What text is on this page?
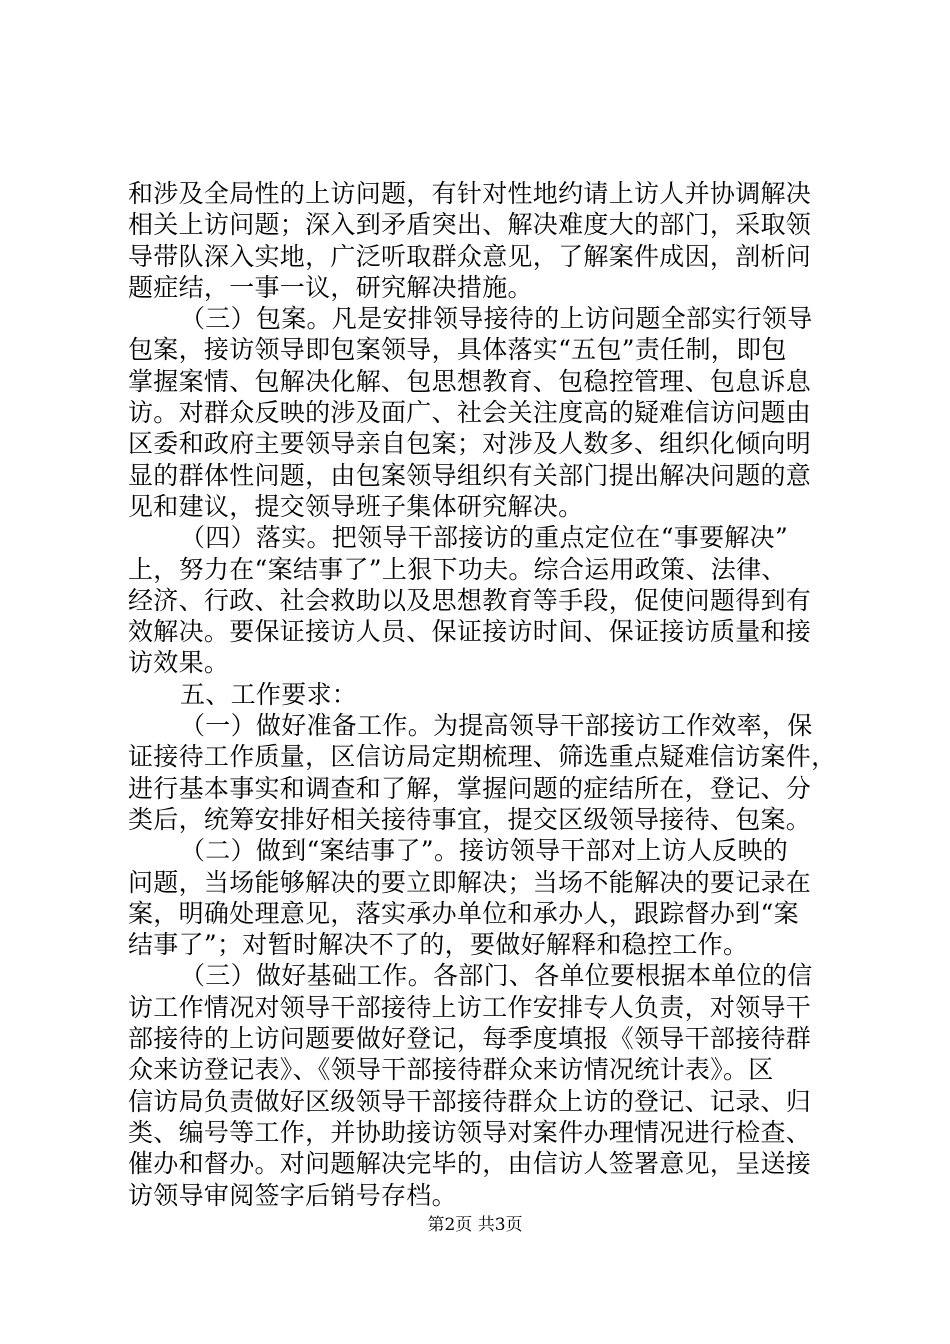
和涉及全局性的上访问题，有针对性地约请上访人并协调解决
相关上访问题；深入到矛盾突出、解决难度大的部门，采取领
导带队深入实地，广泛听取群众意见，了解案件成因，剖析问
题症结，一事一议，研究解决措施。
（三）包案。凡是安排领导接待的上访问题全部实行领导
包案，接访领导即包案领导，具体落实“五包”责任制，即包
掌握案情、包解决化解、包思想教育、包稳控管理、包息诉息
访。对群众反映的涉及面广、社会关注度高的疑难信访问题由
区委和政府主要领导亲自包案；对涉及人数多、组织化倾向明
显的群体性问题，由包案领导组织有关部门提出解决问题的意
见和建议，提交领导班子集体研究解决。
（四）落实。把领导干部接访的重点定位在“事要解决”
上，努力在“案结事了”上狠下功夫。综合运用政策、法律、
经济、行政、社会救助以及思想教育等手段，促使问题得到有
效解决。要保证接访人员、保证接访时间、保证接访质量和接
访效果。
五、工作要求：
（一）做好准备工作。为提高领导干部接访工作效率，保
证接待工作质量，区信访局定期梳理、筛选重点疑难信访案件，
进行基本事实和调查和了解，掌握问题的症结所在，登记、分
类后，统筹安排好相关接待事宜，提交区级领导接待、包案。
（二）做到“案结事了”。接访领导干部对上访人反映的
问题，当场能够解决的要立即解决；当场不能解决的要记录在
案，明确处理意见，落实承办单位和承办人，跟踪督办到“案
结事了”；对暂时解决不了的，要做好解释和稳控工作。
（三）做好基础工作。各部门、各单位要根据本单位的信
访工作情况对领导干部接待上访工作安排专人负责，对领导干
部接待的上访问题要做好登记，每季度填报《领导干部接待群
众来访登记表》、《领导干部接待群众来访情况统计表》。区
信访局负责做好区级领导干部接待群众上访的登记、记录、归
类、编号等工作，并协助接访领导对案件办理情况进行检查、
催办和督办。对问题解决完毕的，由信访人签署意见，呈送接
访领导审阅签字后销号存档。
第2页 共3页
